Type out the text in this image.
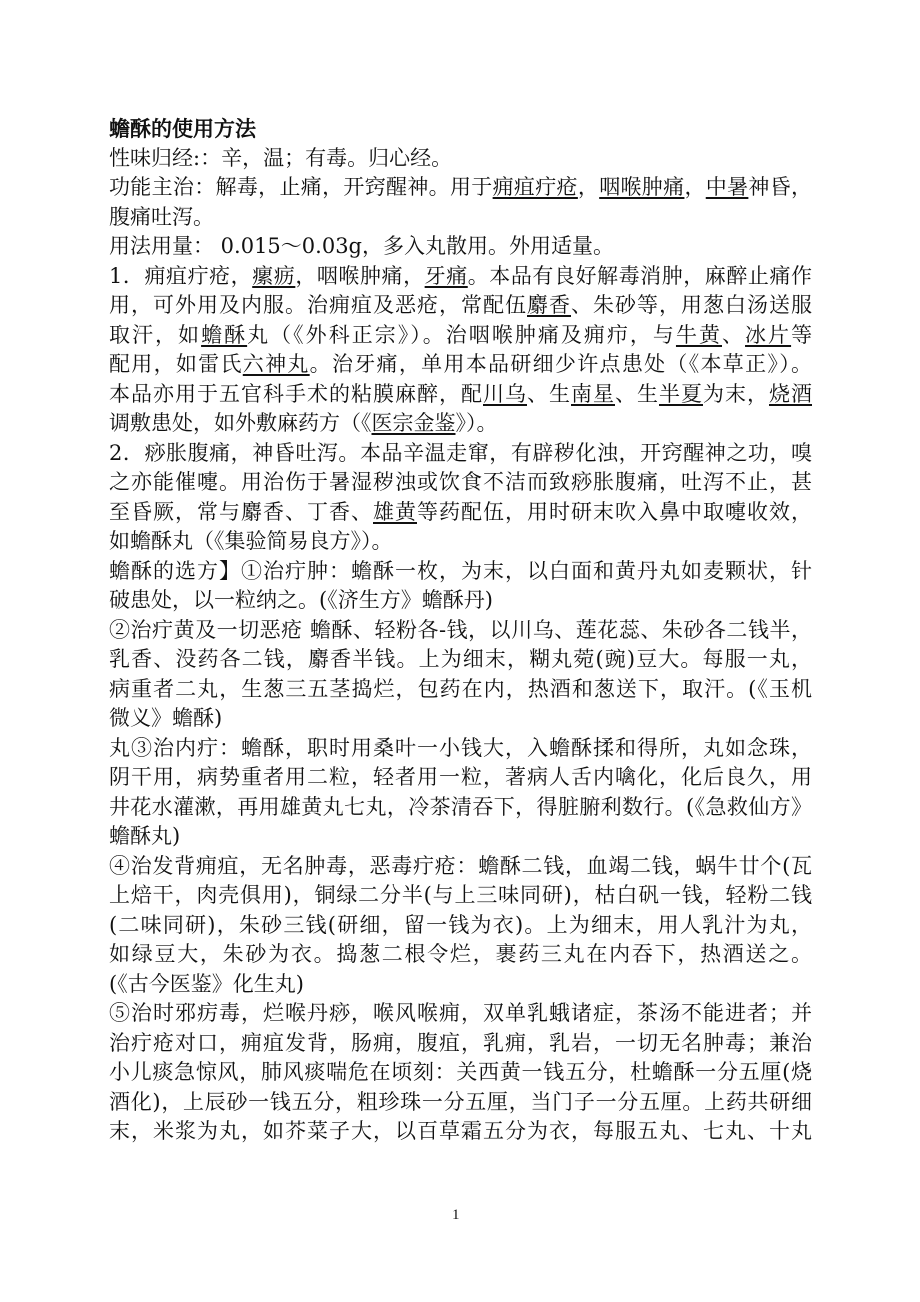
蟾酥的使用方法
性味归经:：辛，温；有毒。归心经。
功能主治：解毒，止痛，开窍醒神。用于痈疽疔疮，咽喉肿痛，中暑神昏，
腹痛吐泻。
用法用量： 0.015～0.03g，多入丸散用。外用适量。
1．痈疽疔疮，瘰疬，咽喉肿痛，牙痛。本品有良好解毒消肿，麻醉止痛作
用，可外用及内服。治痈疽及恶疮，常配伍麝香、朱砂等，用葱白汤送服
取汗，如蟾酥丸（《外科正宗》）。治咽喉肿痛及痈疖，与牛黄、冰片等
配用，如雷氏六神丸。治牙痛，单用本品研细少许点患处（《本草正》）。
本品亦用于五官科手术的粘膜麻醉，配川乌、生南星、生半夏为末，烧酒
调敷患处，如外敷麻药方（《医宗金鉴》）。
2．痧胀腹痛，神昏吐泻。本品辛温走窜，有辟秽化浊，开窍醒神之功，嗅
之亦能催嚏。用治伤于暑湿秽浊或饮食不洁而致痧胀腹痛，吐泻不止，甚
至昏厥，常与麝香、丁香、雄黄等药配伍，用时研末吹入鼻中取嚏收效，
如蟾酥丸（《集验简易良方》）。
蟾酥的选方】①治疔肿：蟾酥一枚，为末，以白面和黄丹丸如麦颗状，针
破患处，以一粒纳之。(《济生方》蟾酥丹)
②治疔黄及一切恶疮 蟾酥、轻粉各-钱，以川乌、莲花蕊、朱砂各二钱半，
乳香、没药各二钱，麝香半钱。上为细末，糊丸菀(豌)豆大。每服一丸，
病重者二丸，生葱三五茎捣烂，包药在内，热酒和葱送下，取汗。(《玉机
微义》蟾酥)
丸③治内疔：蟾酥，职时用桑叶一小钱大，入蟾酥揉和得所，丸如念珠，
阴干用，病势重者用二粒，轻者用一粒，著病人舌内噙化，化后良久，用
井花水灌漱，再用雄黄丸七丸，冷茶清吞下，得脏腑利数行。(《急救仙方》
蟾酥丸)
④治发背痈疽，无名肿毒，恶毒疔疮：蟾酥二钱，血竭二钱，蜗牛廿个(瓦
上焙干，肉壳俱用)，铜绿二分半(与上三味同研)，枯白矾一钱，轻粉二钱
(二味同研)，朱砂三钱(研细，留一钱为衣)。上为细末，用人乳汁为丸，
如绿豆大，朱砂为衣。捣葱二根令烂，裹药三丸在内吞下，热酒送之。
(《古今医鉴》化生丸)
⑤治时邪疠毒，烂喉丹痧，喉风喉痈，双单乳蛾诸症，茶汤不能进者；并
治疔疮对口，痈疽发背，肠痈，腹疽，乳痈，乳岩，一切无名肿毒；兼治
小儿痰急惊风，肺风痰喘危在顷刻：关西黄一钱五分，杜蟾酥一分五厘(烧
酒化)，上辰砂一钱五分，粗珍珠一分五厘，当门子一分五厘。上药共研细
末，米浆为丸，如芥菜子大，以百草霜五分为衣，每服五丸、七丸、十丸
1
